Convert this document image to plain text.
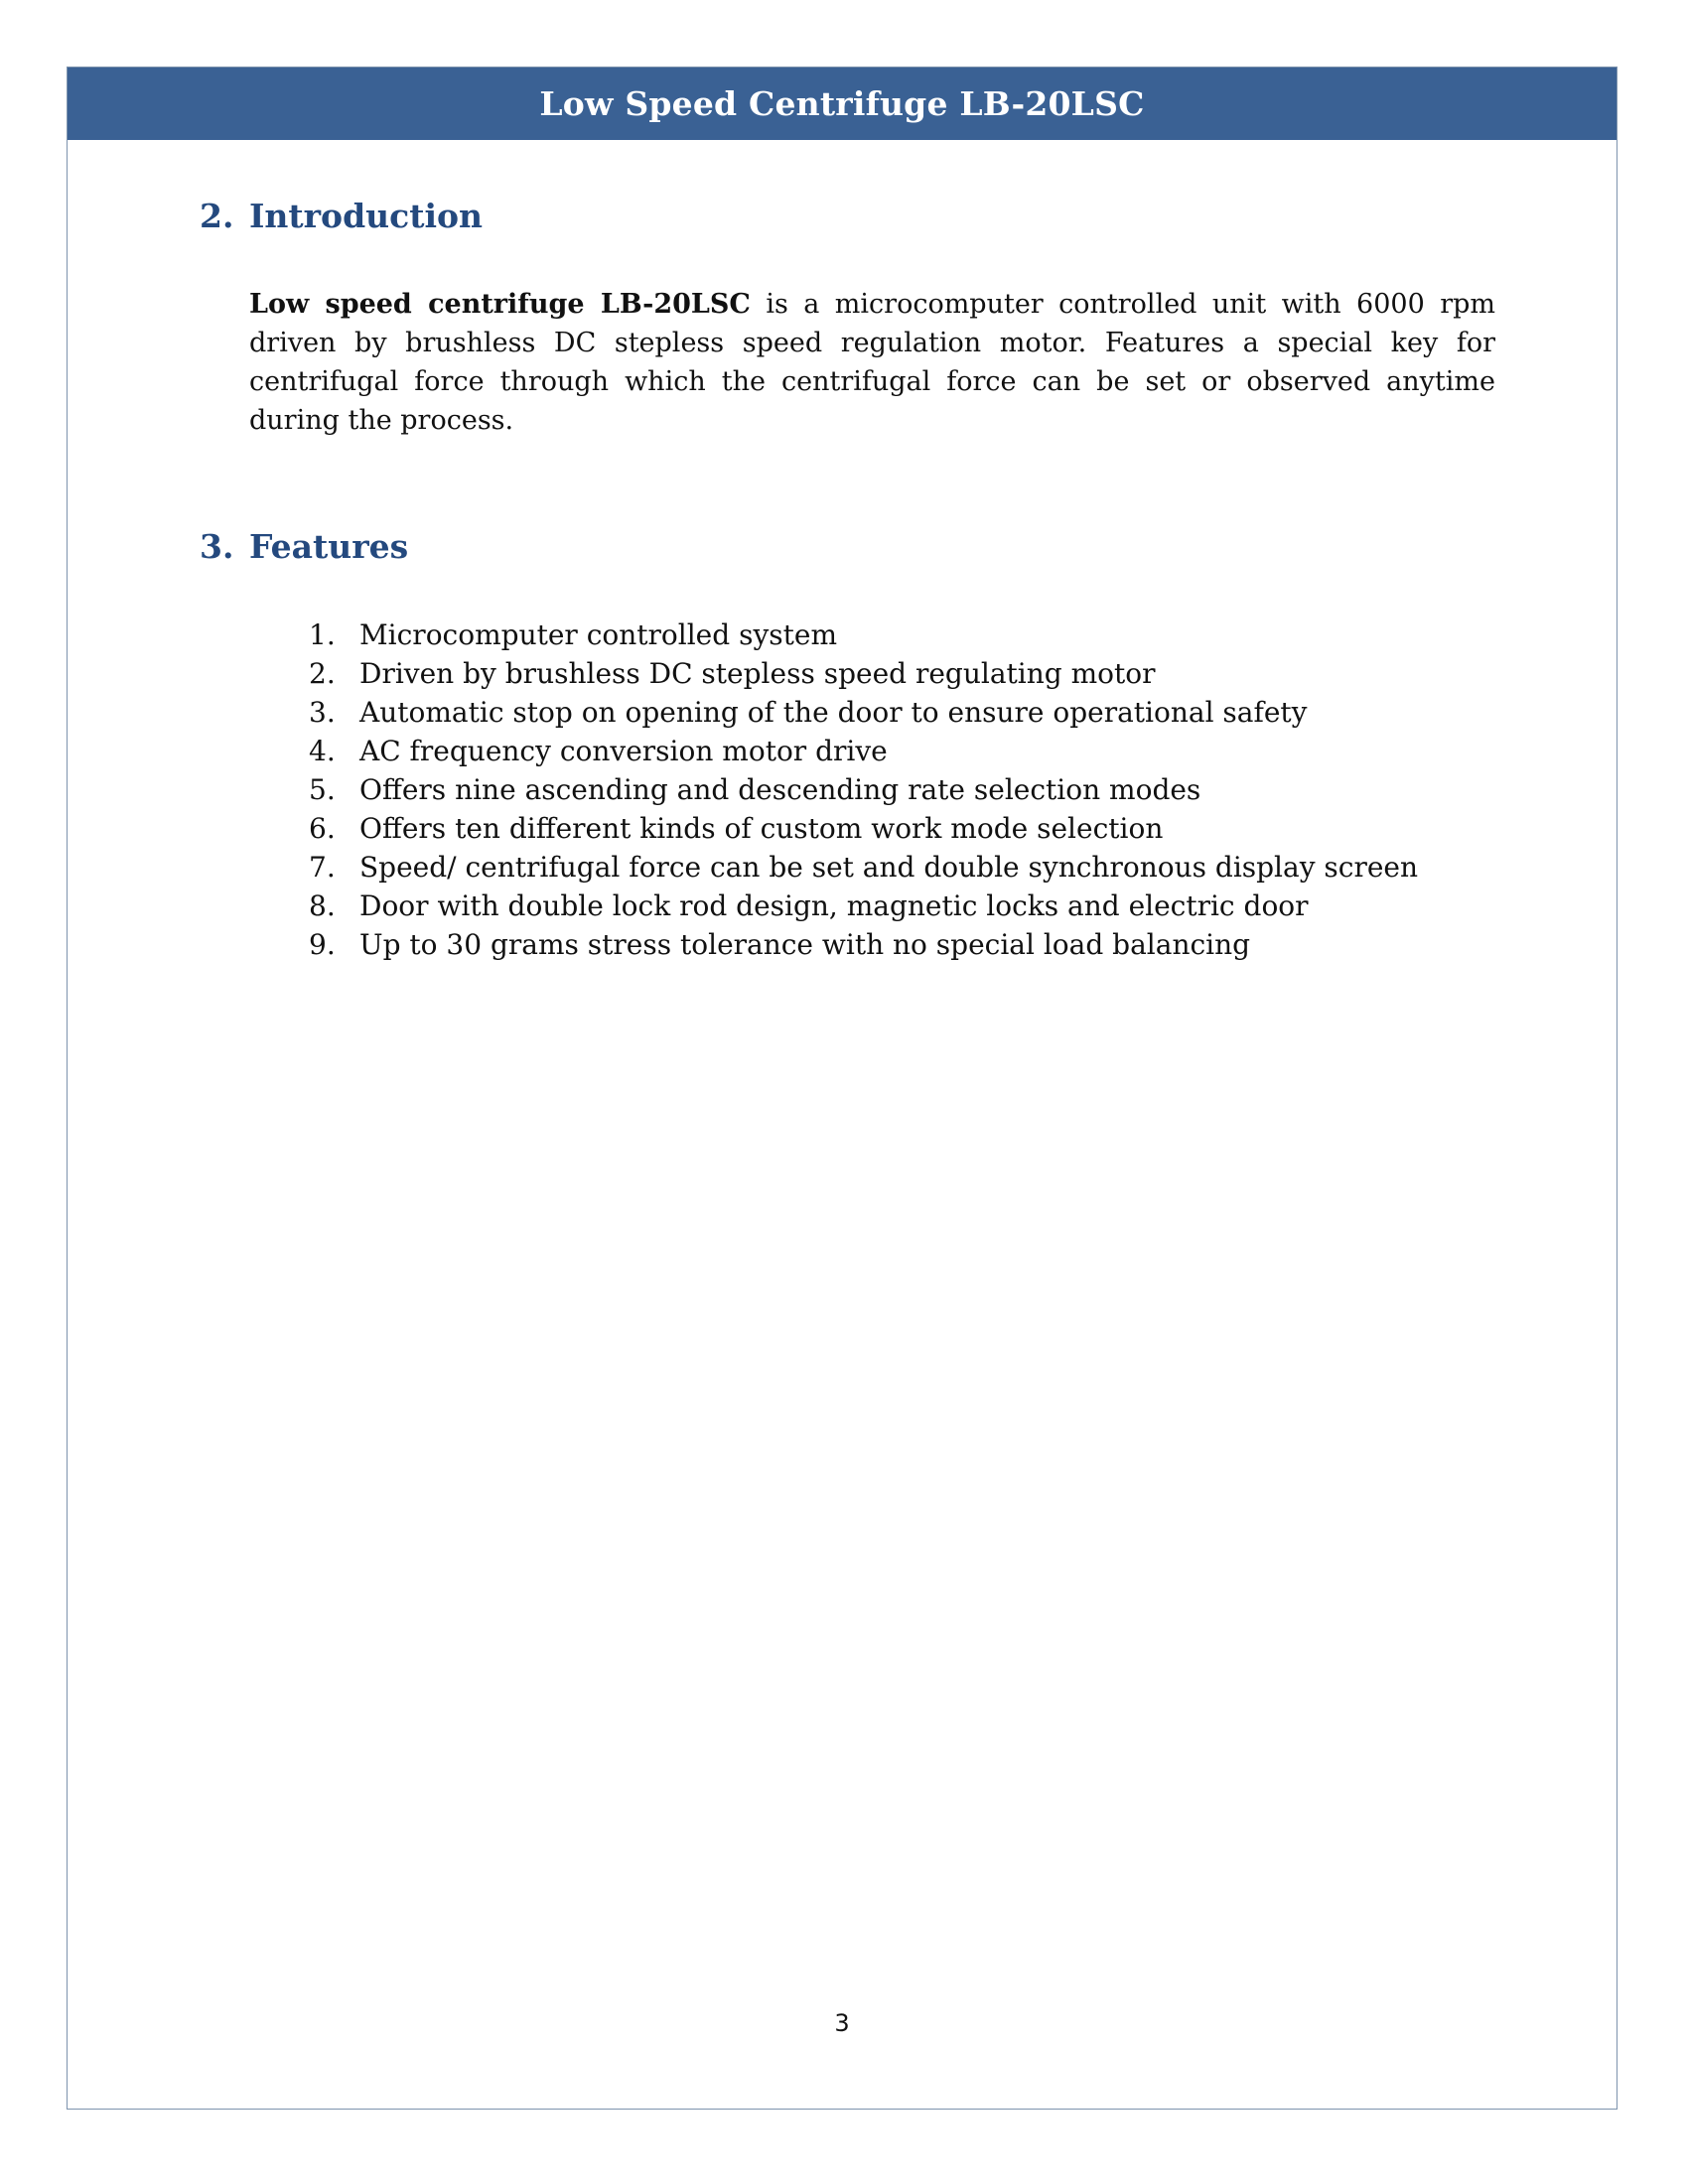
Low Speed Centrifuge LB-20LSC
2. Introduction

Low speed centrifuge LB-20LSC is a microcomputer controlled unit with 6000 rpm driven by brushless DC stepless speed regulation motor. Features a special key for centrifugal force through which the centrifugal force can be set or observed anytime during the process.

3. Features
1. Microcomputer controlled system
2. Driven by brushless DC stepless speed regulating motor
3. Automatic stop on opening of the door to ensure operational safety
4. AC frequency conversion motor drive
5. Offers nine ascending and descending rate selection modes
6. Offers ten different kinds of custom work mode selection
7. Speed/ centrifugal force can be set and double synchronous display screen
8. Door with double lock rod design, magnetic locks and electric door
9. Up to 30 grams stress tolerance with no special load balancing
3
